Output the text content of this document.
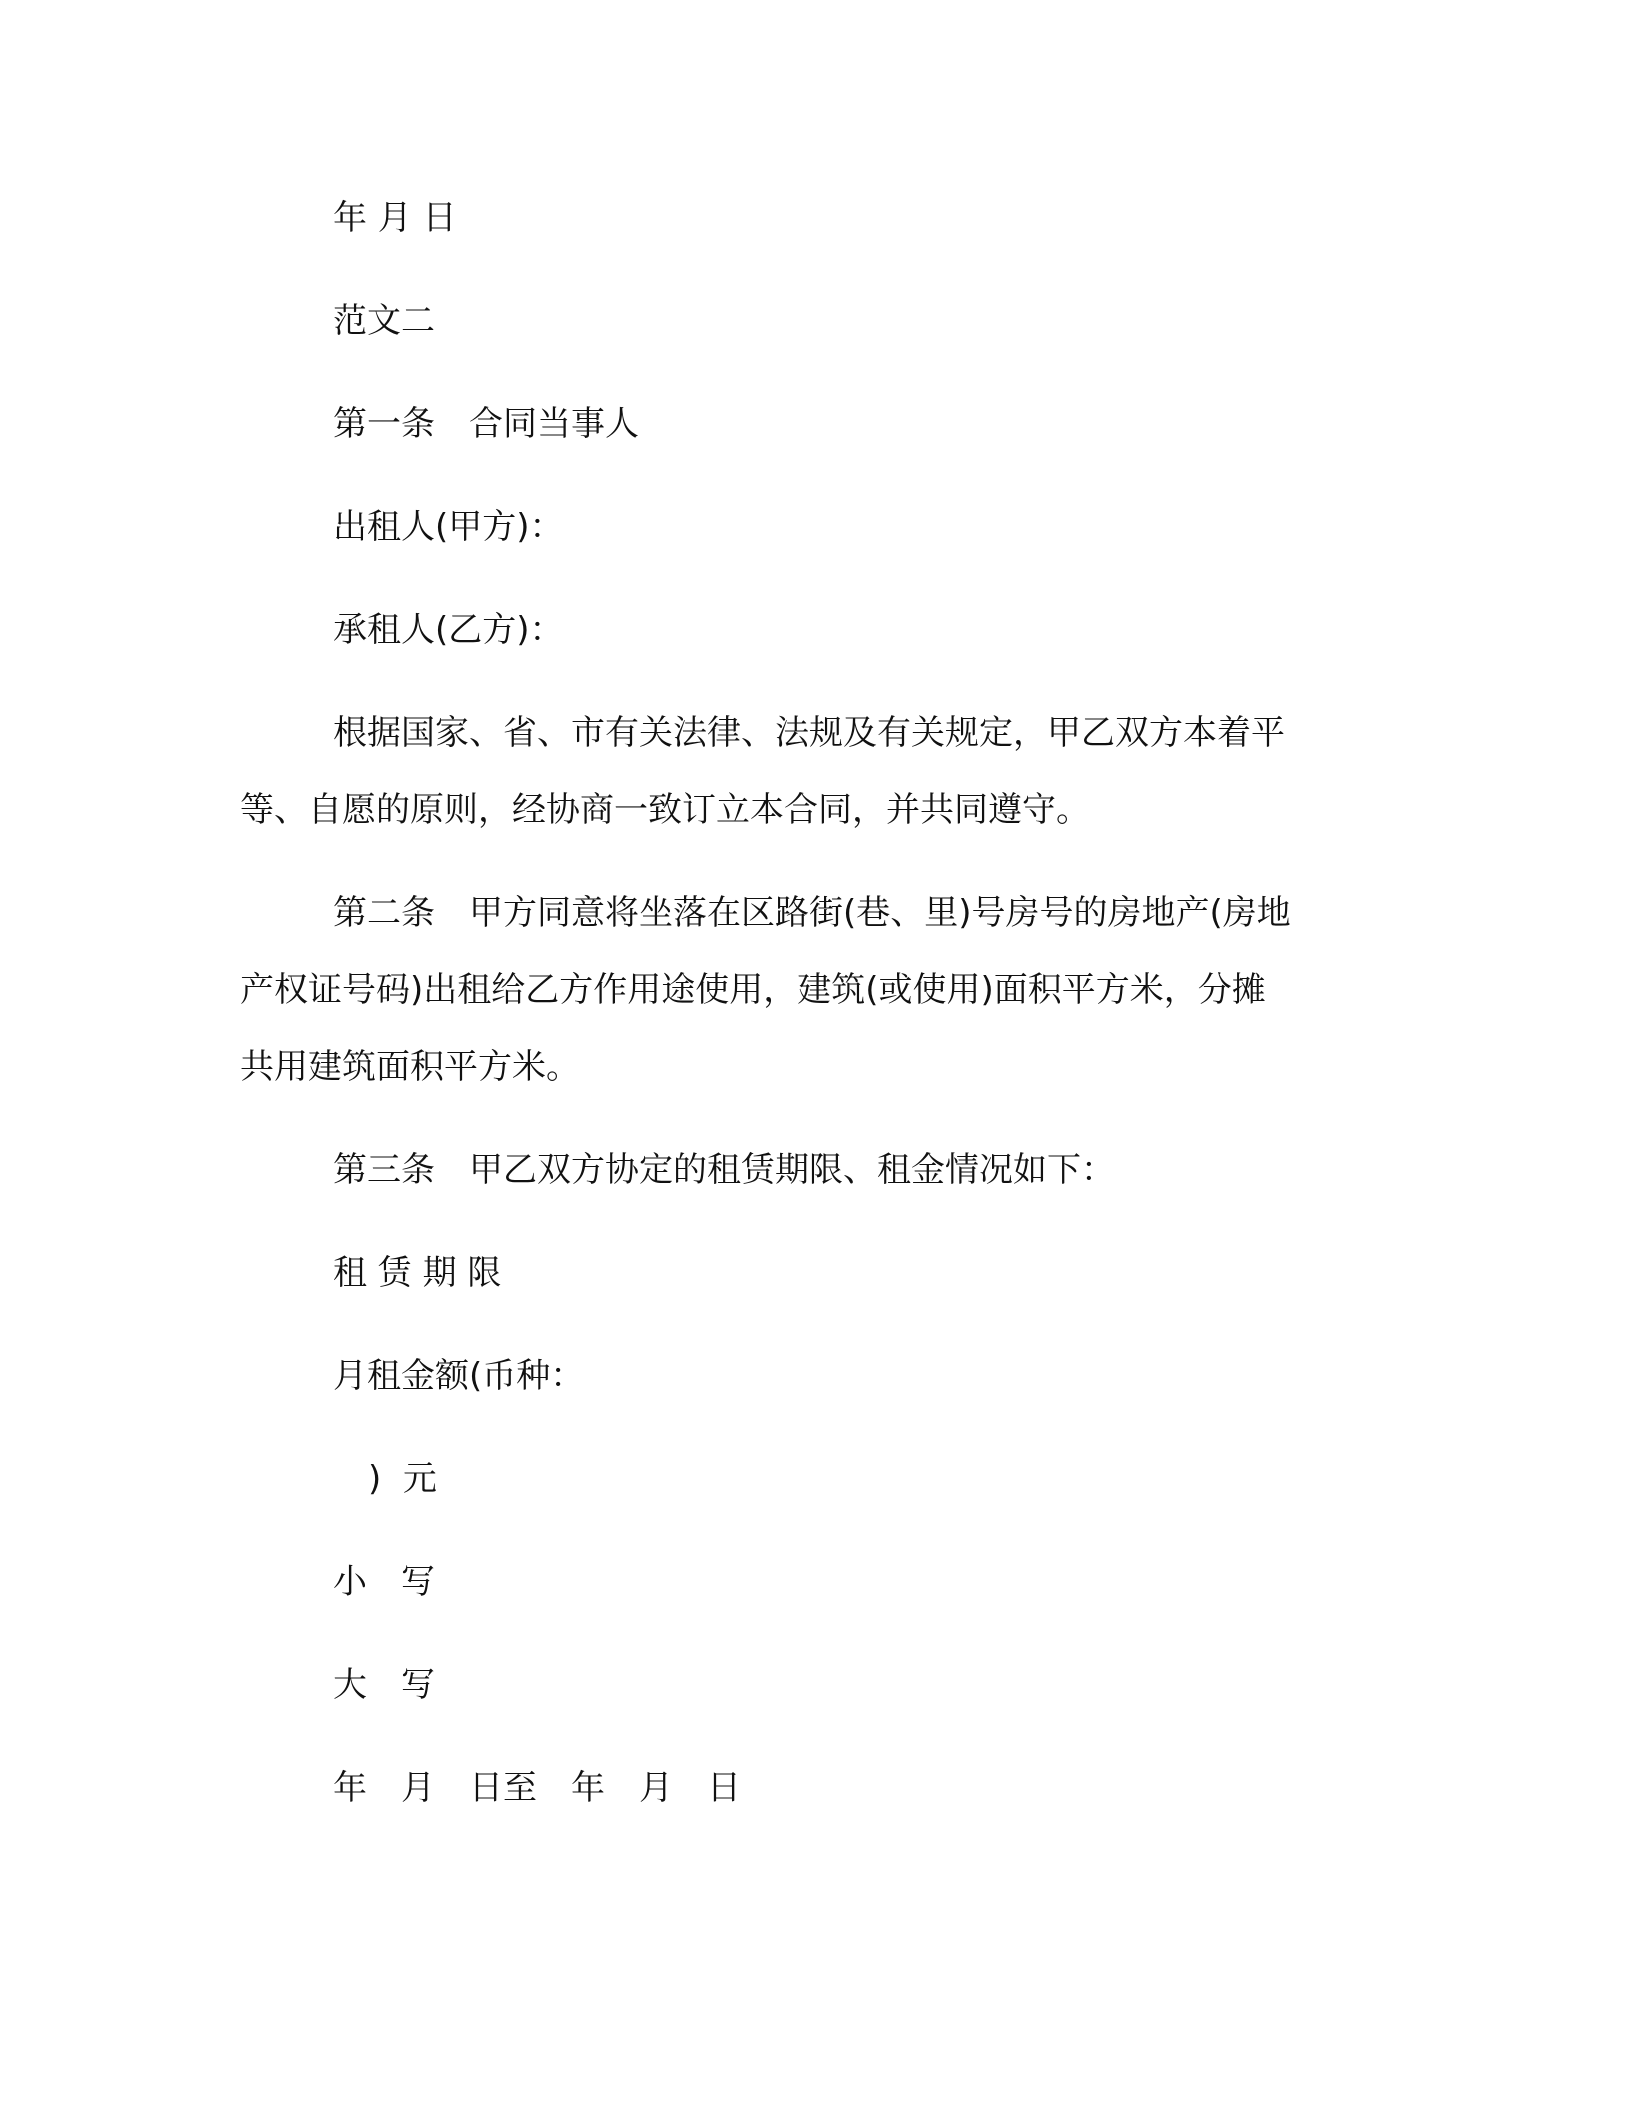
年 月 日

范文二

第一条　合同当事人

出租人(甲方)：

承租人(乙方)：

根据国家、省、市有关法律、法规及有关规定，甲乙双方本着平

等、自愿的原则，经协商一致订立本合同，并共同遵守。

第二条　甲方同意将坐落在区路街(巷、里)号房号的房地产(房地

产权证号码)出租给乙方作用途使用，建筑(或使用)面积平方米，分摊

共用建筑面积平方米。

第三条　甲乙双方协定的租赁期限、租金情况如下：

租 赁 期 限

月租金额(币种：

)  元

小　写

大　写

年　月　日至　年　月　日
